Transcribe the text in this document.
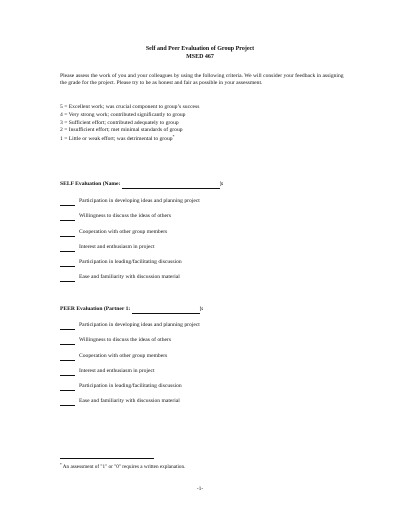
Self and Peer Evaluation of Group Project
MSED 467

Please assess the work of you and your colleagues by using the following criteria. We will consider your feedback in assigning the grade for the project. Please try to be as honest and fair as possible in your assessment.

5 = Excellent work; was crucial component to group’s success
4 = Very strong work; contributed significantly to group
3 = Sufficient effort; contributed adequately to group
2 = Insufficient effort; met minimal standards of group
1 = Little or weak effort; was detrimental to group*
SELF Evaluation (Name:	):
Participation in developing ideas and planning project
Willingness to discuss the ideas of others
Cooperation with other group members
Interest and enthusiasm in project
Participation in leading/facilitating discussion
Ease and familiarity with discussion material
PEER Evaluation (Partner 1:	):
Participation in developing ideas and planning project
Willingness to discuss the ideas of others
Cooperation with other group members
Interest and enthusiasm in project
Participation in leading/facilitating discussion
Ease and familiarity with discussion material
* An assessment of "1" or "0" requires a written explanation.
-1-
